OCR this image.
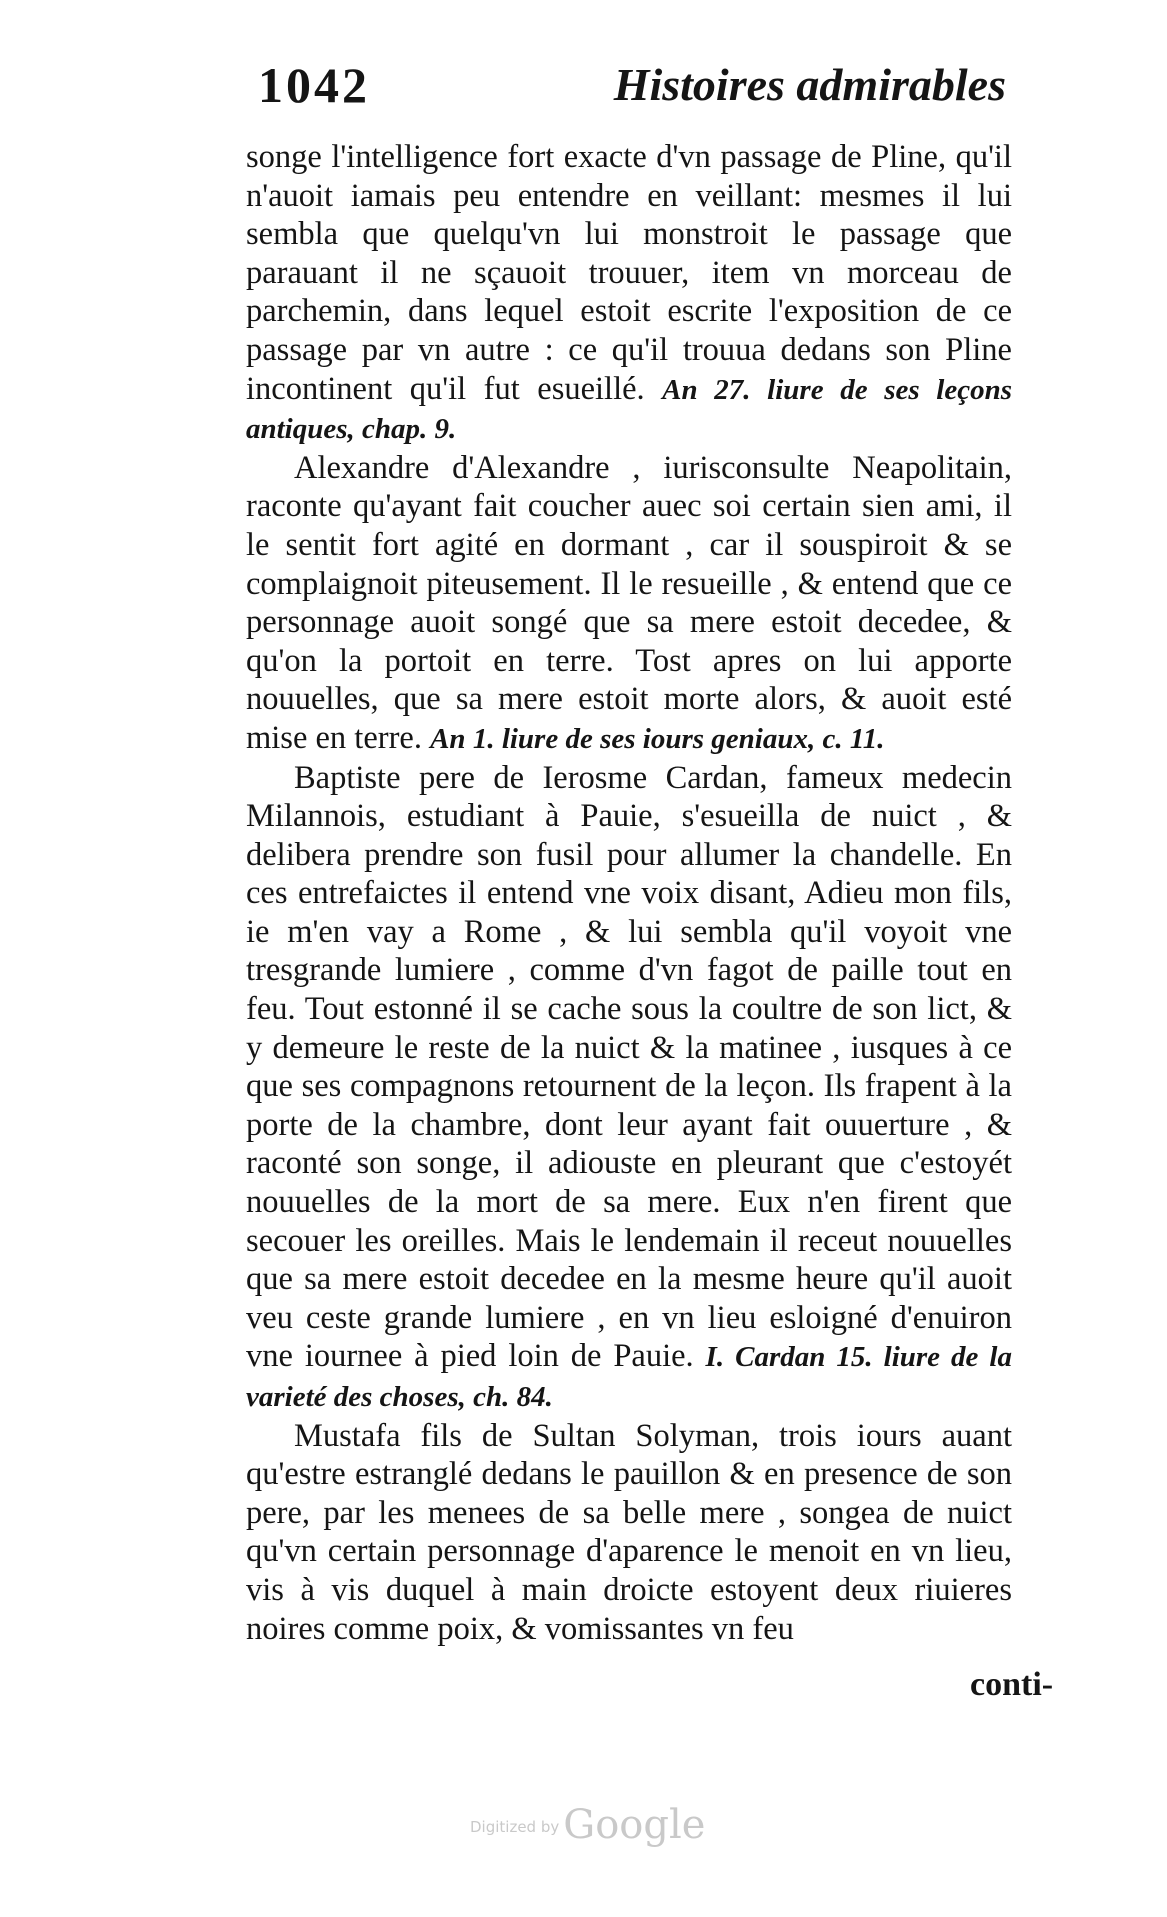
1042	Histoires admirables

songe l'intelligence fort exacte d'vn passage de Pline, qu'il n'auoit iamais peu entendre en veillant: mesmes il lui sembla que quelqu'vn lui monstroit le passage que parauant il ne sçauoit trouuer, item vn morceau de parchemin, dans lequel estoit escrite l'exposition de ce passage par vn autre : ce qu'il trouua dedans son Pline incontinent qu'il fut esueillé. An 27. liure de ses leçons antiques, chap. 9.

Alexandre d'Alexandre , iurisconsulte Neapolitain, raconte qu'ayant fait coucher auec soi certain sien ami, il le sentit fort agité en dormant , car il souspiroit & se complaignoit piteusement. Il le resueille , & entend que ce personnage auoit songé que sa mere estoit decedee, & qu'on la portoit en terre. Tost apres on lui apporte nouuelles, que sa mere estoit morte alors, & auoit esté mise en terre. An 1. liure de ses iours geniaux, c. 11.

Baptiste pere de Ierosme Cardan, fameux medecin Milannois, estudiant à Pauie, s'esueilla de nuict , & delibera prendre son fusil pour allumer la chandelle. En ces entrefaictes il entend vne voix disant, Adieu mon fils, ie m'en vay a Rome , & lui sembla qu'il voyoit vne tresgrande lumiere , comme d'vn fagot de paille tout en feu. Tout estonné il se cache sous la coultre de son lict, & y demeure le reste de la nuict & la matinee , iusques à ce que ses compagnons retournent de la leçon. Ils frapent à la porte de la chambre, dont leur ayant fait ouuerture , & raconté son songe, il adiouste en pleurant que c'estoyét nouuelles de la mort de sa mere. Eux n'en firent que secouer les oreilles. Mais le lendemain il receut nouuelles que sa mere estoit decedee en la mesme heure qu'il auoit veu ceste grande lumiere , en vn lieu esloigné d'enuiron vne iournee à pied loin de Pauie. I. Cardan 15. liure de la varieté des choses, ch. 84.

Mustafa fils de Sultan Solyman, trois iours auant qu'estre estranglé dedans le pauillon & en presence de son pere, par les menees de sa belle mere , songea de nuict qu'vn certain personnage d'aparence le menoit en vn lieu, vis à vis duquel à main droicte estoyent deux riuieres noires comme poix, & vomissantes vn feu

conti-
Digitized by Google
